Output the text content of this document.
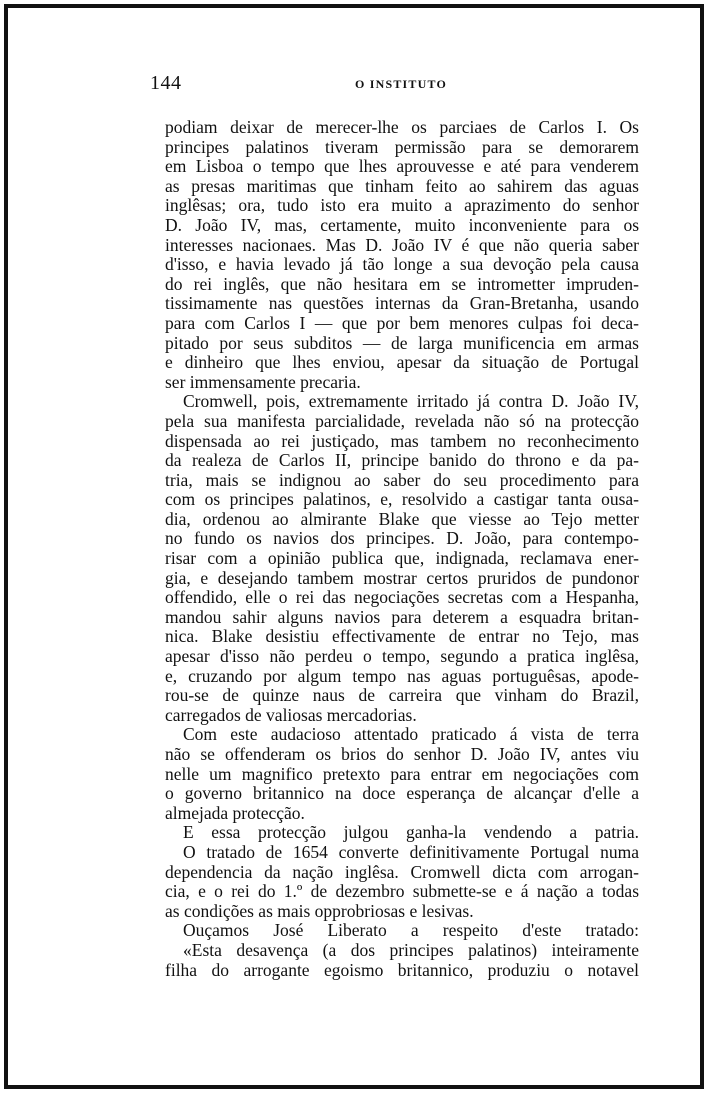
144	O INSTITUTO
podiam deixar de merecer-lhe os parciaes de Carlos I. Os
principes palatinos tiveram permissão para se demorarem
em Lisboa o tempo que lhes aprouvesse e até para venderem
as presas maritimas que tinham feito ao sahirem das aguas
inglêsas; ora, tudo isto era muito a aprazimento do senhor
D. João IV, mas, certamente, muito inconveniente para os
interesses nacionaes. Mas D. João IV é que não queria saber
d'isso, e havia levado já tão longe a sua devoção pela causa
do rei inglês, que não hesitara em se intrometter impruden-
tissimamente nas questões internas da Gran-Bretanha, usando
para com Carlos I — que por bem menores culpas foi deca-
pitado por seus subditos — de larga munificencia em armas
e dinheiro que lhes enviou, apesar da situação de Portugal
ser immensamente precaria.
Cromwell, pois, extremamente irritado já contra D. João IV,
pela sua manifesta parcialidade, revelada não só na protecção
dispensada ao rei justiçado, mas tambem no reconhecimento
da realeza de Carlos II, principe banido do throno e da pa-
tria, mais se indignou ao saber do seu procedimento para
com os principes palatinos, e, resolvido a castigar tanta ousa-
dia, ordenou ao almirante Blake que viesse ao Tejo metter
no fundo os navios dos principes. D. João, para contempo-
risar com a opinião publica que, indignada, reclamava ener-
gia, e desejando tambem mostrar certos pruridos de pundonor
offendido, elle o rei das negociações secretas com a Hespanha,
mandou sahir alguns navios para deterem a esquadra britan-
nica. Blake desistiu effectivamente de entrar no Tejo, mas
apesar d'isso não perdeu o tempo, segundo a pratica inglêsa,
e, cruzando por algum tempo nas aguas portuguêsas, apode-
rou-se de quinze naus de carreira que vinham do Brazil,
carregados de valiosas mercadorias.
Com este audacioso attentado praticado á vista de terra
não se offenderam os brios do senhor D. João IV, antes viu
nelle um magnifico pretexto para entrar em negociações com
o governo britannico na doce esperança de alcançar d'elle a
almejada protecção.
E essa protecção julgou ganha-la vendendo a patria.
O tratado de 1654 converte definitivamente Portugal numa
dependencia da nação inglêsa. Cromwell dicta com arrogan-
cia, e o rei do 1.º de dezembro submette-se e á nação a todas
as condições as mais opprobriosas e lesivas.
Ouçamos José Liberato a respeito d'este tratado:
«Esta desavença (a dos principes palatinos) inteiramente
filha do arrogante egoismo britannico, produziu o notavel
